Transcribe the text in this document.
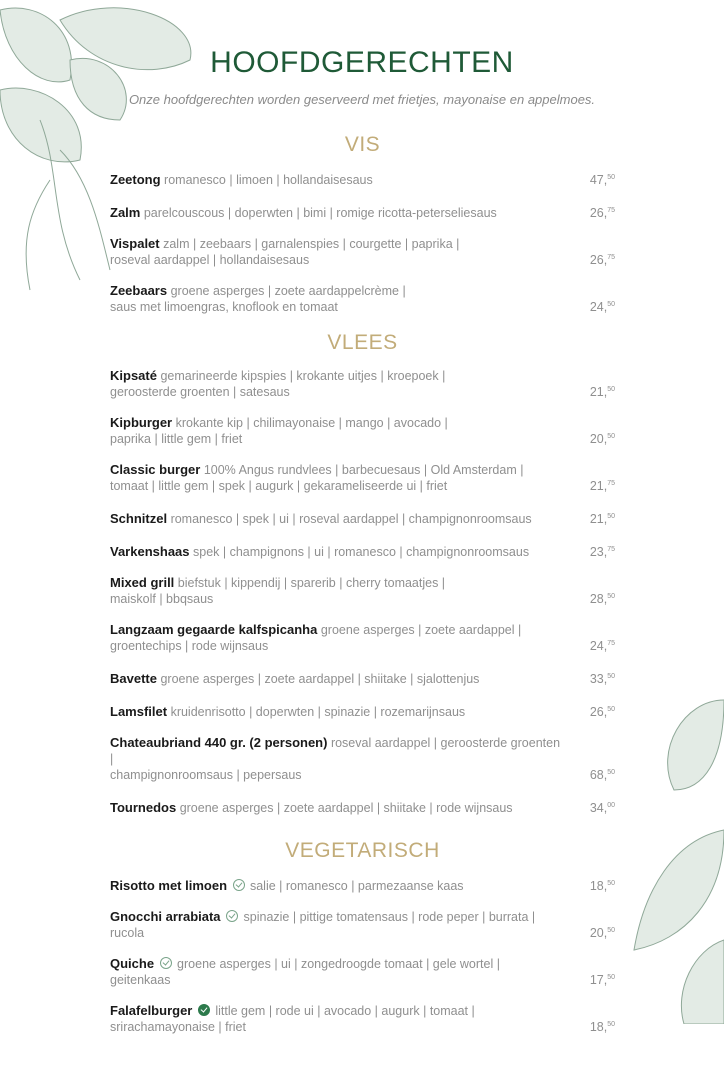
HOOFDGERECHTEN
Onze hoofdgerechten worden geserveerd met frietjes, mayonaise en appelmoes.
VIS
Zeetong romanesco | limoen | hollandaisesaus	47,50
Zalm parelcouscous | doperwten | bimi | romige ricotta-peterseliesaus	26,75
Vispalet zalm | zeebaars | garnalenspies | courgette | paprika |
roseval aardappel | hollandaisesaus	26,75
Zeebaars groene asperges | zoete aardappelcrème |
saus met limoengras, knoflook en tomaat	24,50
VLEES
Kipsaté gemarineerde kipspies | krokante uitjes | kroepoek |
geroosterde groenten | satesaus	21,50
Kipburger krokante kip | chilimayonaise | mango | avocado |
paprika | little gem | friet	20,50
Classic burger 100% Angus rundvlees | barbecuesaus | Old Amsterdam |
tomaat | little gem | spek | augurk | gekarameliseerde ui | friet	21,75
Schnitzel romanesco | spek | ui | roseval aardappel | champignonroomsaus	21,50
Varkenshaas spek | champignons | ui | romanesco | champignonroomsaus	23,75
Mixed grill biefstuk | kippendij | sparerib | cherry tomaatjes |
maiskolf | bbqsaus	28,50
Langzaam gegaarde kalfspicanha groene asperges | zoete aardappel |
groentechips | rode wijnsaus	24,75
Bavette groene asperges | zoete aardappel | shiitake | sjalottenjus	33,50
Lamsfilet kruidenrisotto | doperwten | spinazie | rozemarijnsaus	26,50
Chateaubriand 440 gr. (2 personen) roseval aardappel | geroosterde groenten |
champignonroomsaus | pepersaus	68,50
Tournedos groene asperges | zoete aardappel | shiitake | rode wijnsaus	34,00
VEGETARISCH
Risotto met limoen salie | romanesco | parmezaanse kaas	18,50
Gnocchi arrabiata spinazie | pittige tomatensaus | rode peper | burrata | rucola	20,50
Quiche groene asperges | ui | zongedroogde tomaat | gele wortel | geitenkaas	17,50
Falafelburger little gem | rode ui | avocado | augurk | tomaat | srirachamayonaise | friet	18,50
